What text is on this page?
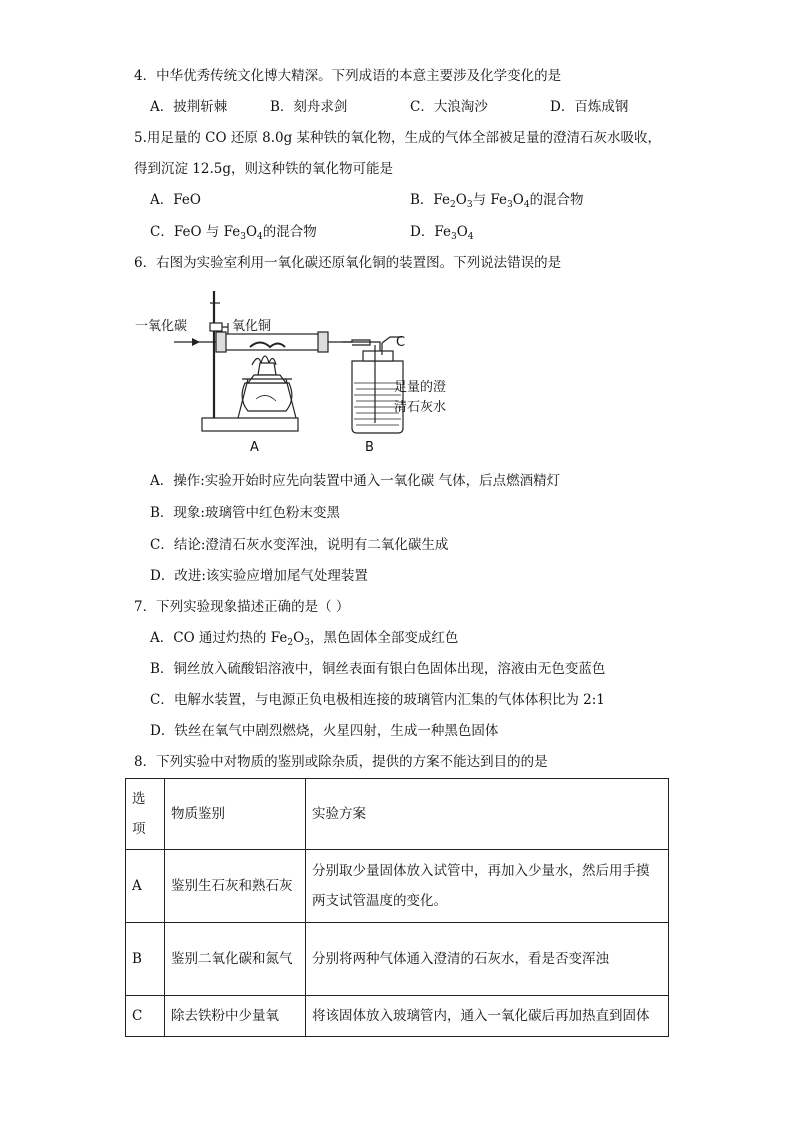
4．中华优秀传统文化博大精深。下列成语的本意主要涉及化学变化的是
A．披荆斩棘	B．刻舟求剑	C．大浪淘沙	D．百炼成钢
5.用足量的 CO 还原 8.0g 某种铁的氧化物，生成的气体全部被足量的澄清石灰水吸收，
得到沉淀 12.5g，则这种铁的氧化物可能是
A．FeO	B．$Fe_2O_3$与 $Fe_3O_4$的混合物
C．FeO 与 $Fe_3O_4$的混合物	D．$Fe_3O_4$
6．右图为实验室利用一氧化碳还原氧化铜的装置图。下列说法错误的是
一氧化碳	氧化铜
C
足量的澄
清石灰水
A	B
A．操作:实验开始时应先向装置中通入一氧化碳 气体，后点燃酒精灯
B．现象:玻璃管中红色粉末变黑
C．结论:澄清石灰水变浑浊，说明有二氧化碳生成
D．改进:该实验应增加尾气处理装置
7．下列实验现象描述正确的是（ ）
A．CO 通过灼热的 $Fe_2O_3$，黑色固体全部变成红色
B．铜丝放入硫酸铝溶液中，铜丝表面有银白色固体出现，溶液由无色变蓝色
C．电解水装置，与电源正负电极相连接的玻璃管内汇集的气体体积比为 2:1
D．铁丝在氧气中剧烈燃烧，火星四射，生成一种黑色固体
8．下列实验中对物质的鉴别或除杂质，提供的方案不能达到目的的是
选项	物质鉴别	实验方案
A	鉴别生石灰和熟石灰	分别取少量固体放入试管中，再加入少量水，然后用手摸两支试管温度的变化。
B	鉴别二氧化碳和氮气	分别将两种气体通入澄清的石灰水，看是否变浑浊
C	除去铁粉中少量氧	将该固体放入玻璃管内，通入一氧化碳后再加热直到固体
